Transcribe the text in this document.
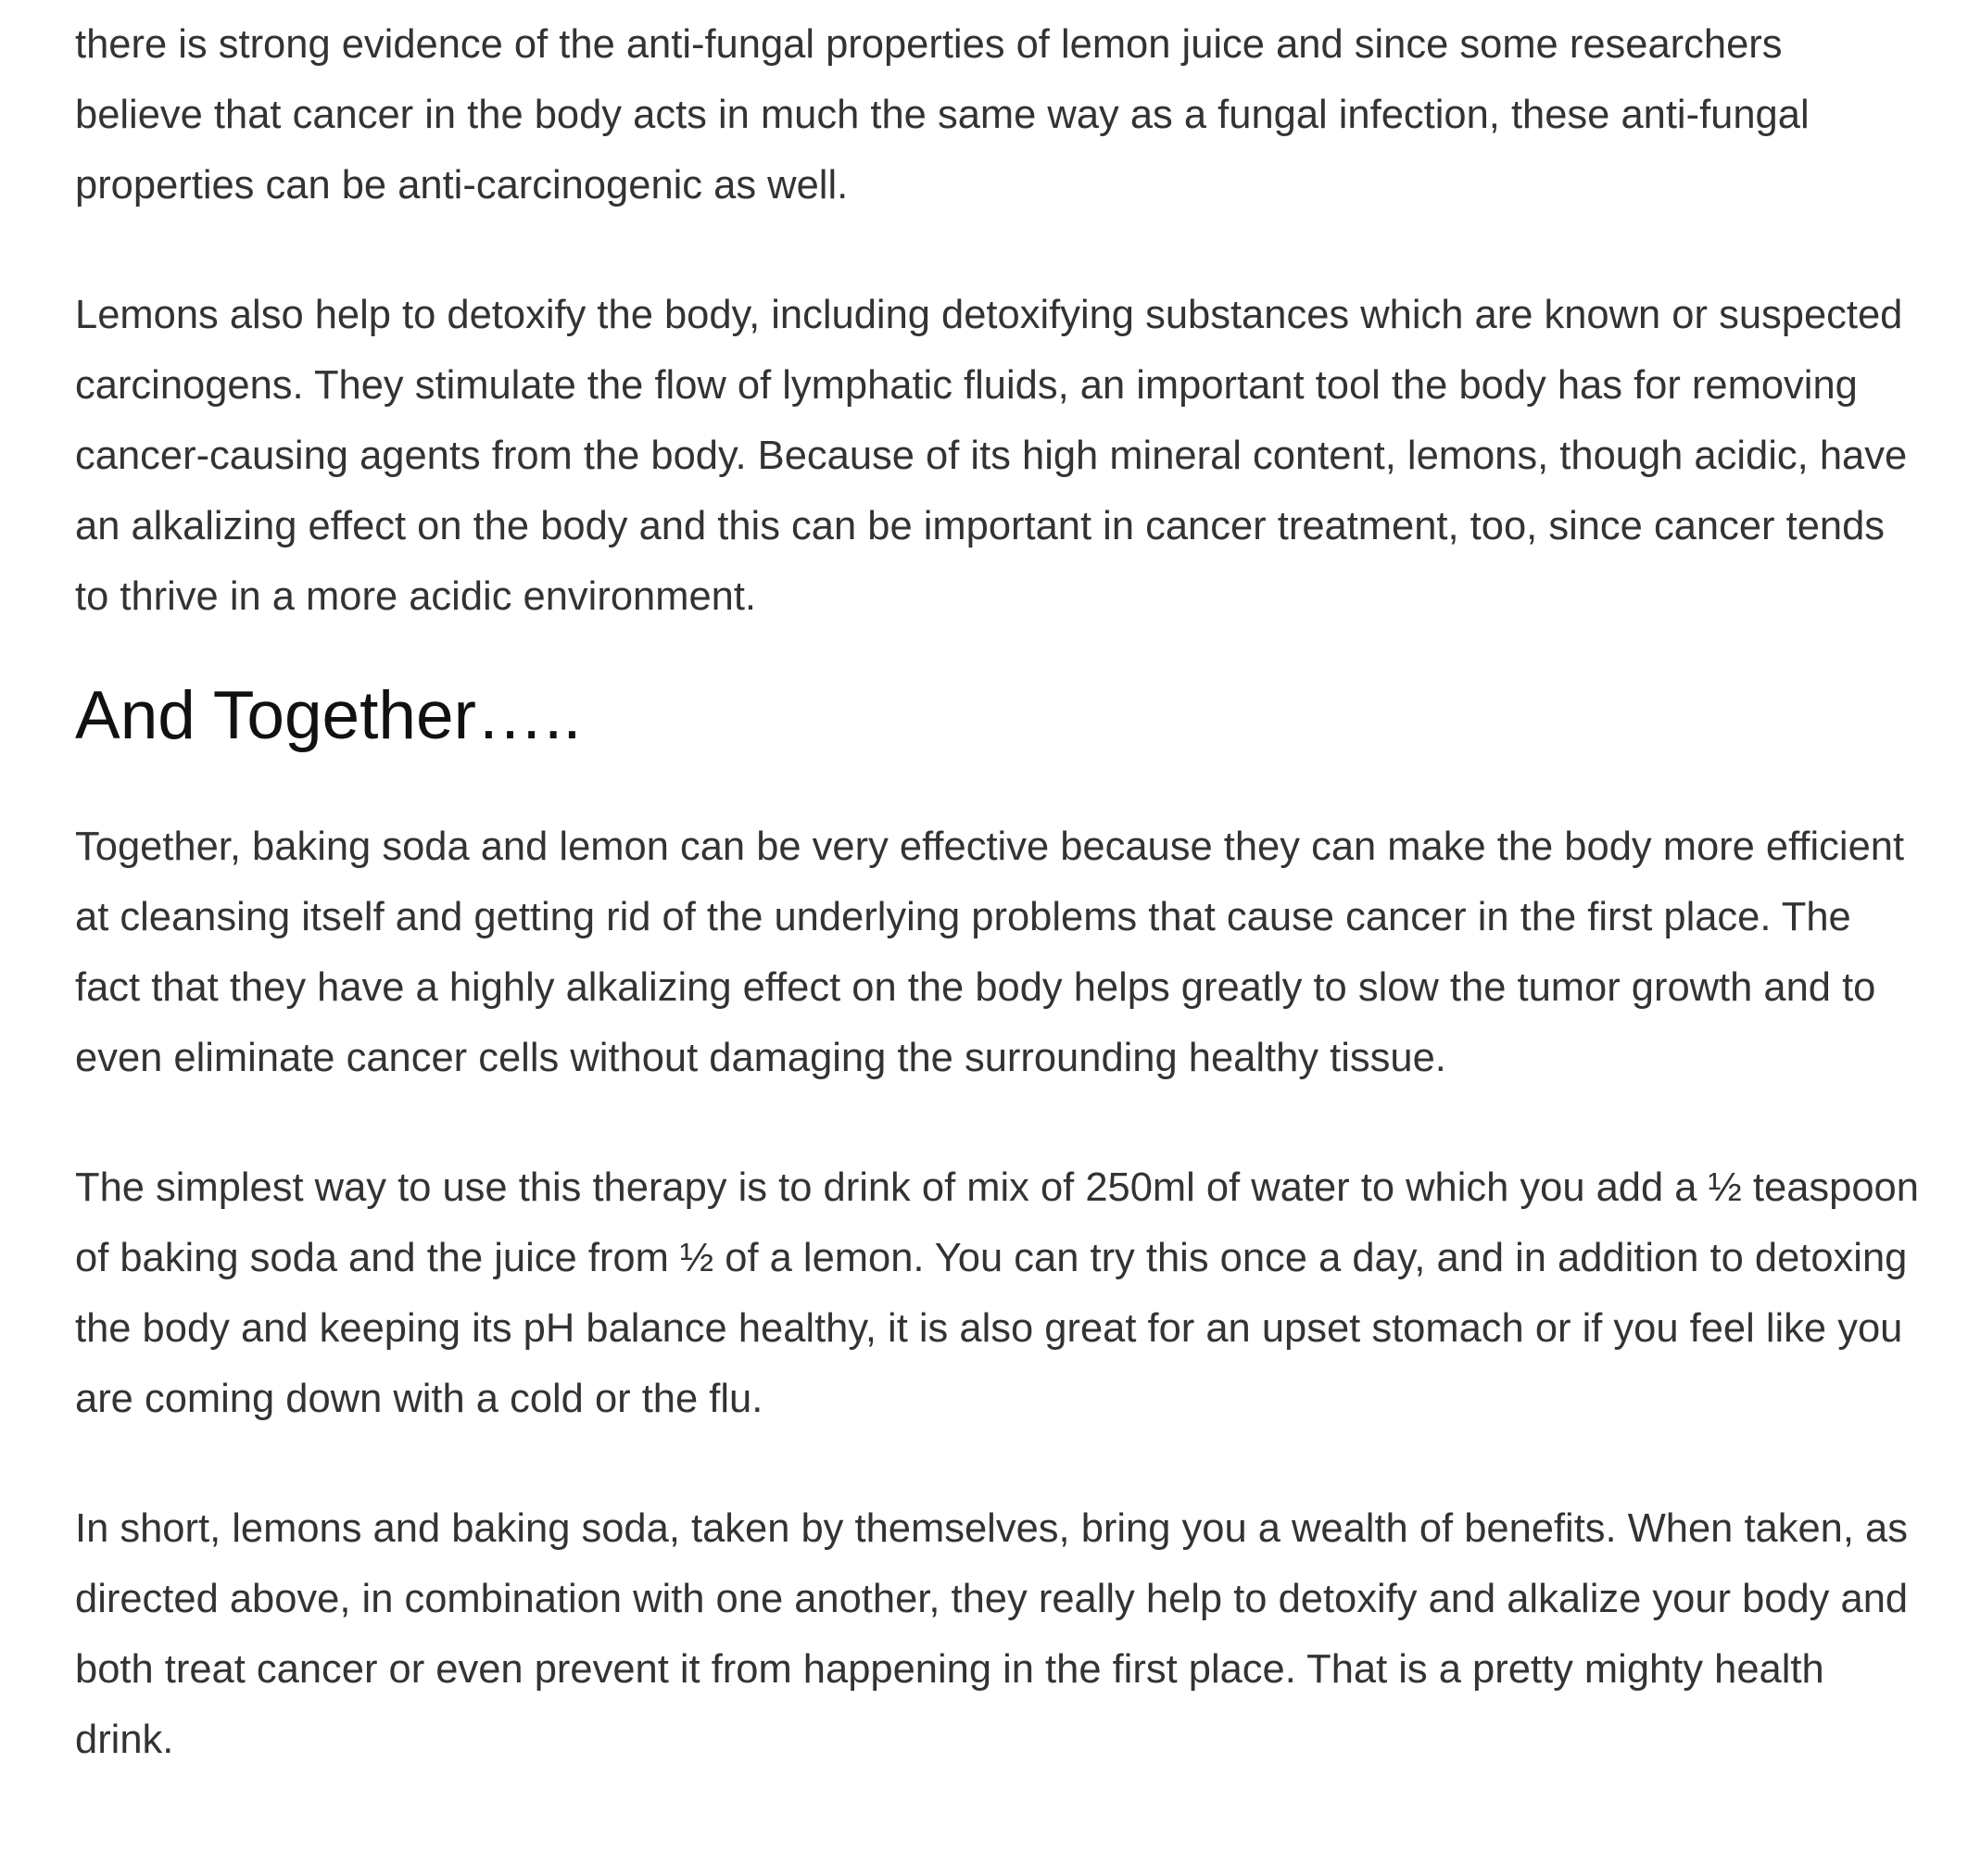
there is strong evidence of the anti-fungal properties of lemon juice and since some researchers believe that cancer in the body acts in much the same way as a fungal infection, these anti-fungal properties can be anti-carcinogenic as well.

Lemons also help to detoxify the body, including detoxifying substances which are known or suspected carcinogens. They stimulate the flow of lymphatic fluids, an important tool the body has for removing cancer-causing agents from the body. Because of its high mineral content, lemons, though acidic, have an alkalizing effect on the body and this can be important in cancer treatment, too, since cancer tends to thrive in a more acidic environment.

And Together…..

Together, baking soda and lemon can be very effective because they can make the body more efficient at cleansing itself and getting rid of the underlying problems that cause cancer in the first place. The fact that they have a highly alkalizing effect on the body helps greatly to slow the tumor growth and to even eliminate cancer cells without damaging the surrounding healthy tissue.

The simplest way to use this therapy is to drink of mix of 250ml of water to which you add a ½ teaspoon of baking soda and the juice from ½ of a lemon. You can try this once a day, and in addition to detoxing the body and keeping its pH balance healthy, it is also great for an upset stomach or if you feel like you are coming down with a cold or the flu.

In short, lemons and baking soda, taken by themselves, bring you a wealth of benefits. When taken, as directed above, in combination with one another, they really help to detoxify and alkalize your body and both treat cancer or even prevent it from happening in the first place. That is a pretty mighty health drink.
